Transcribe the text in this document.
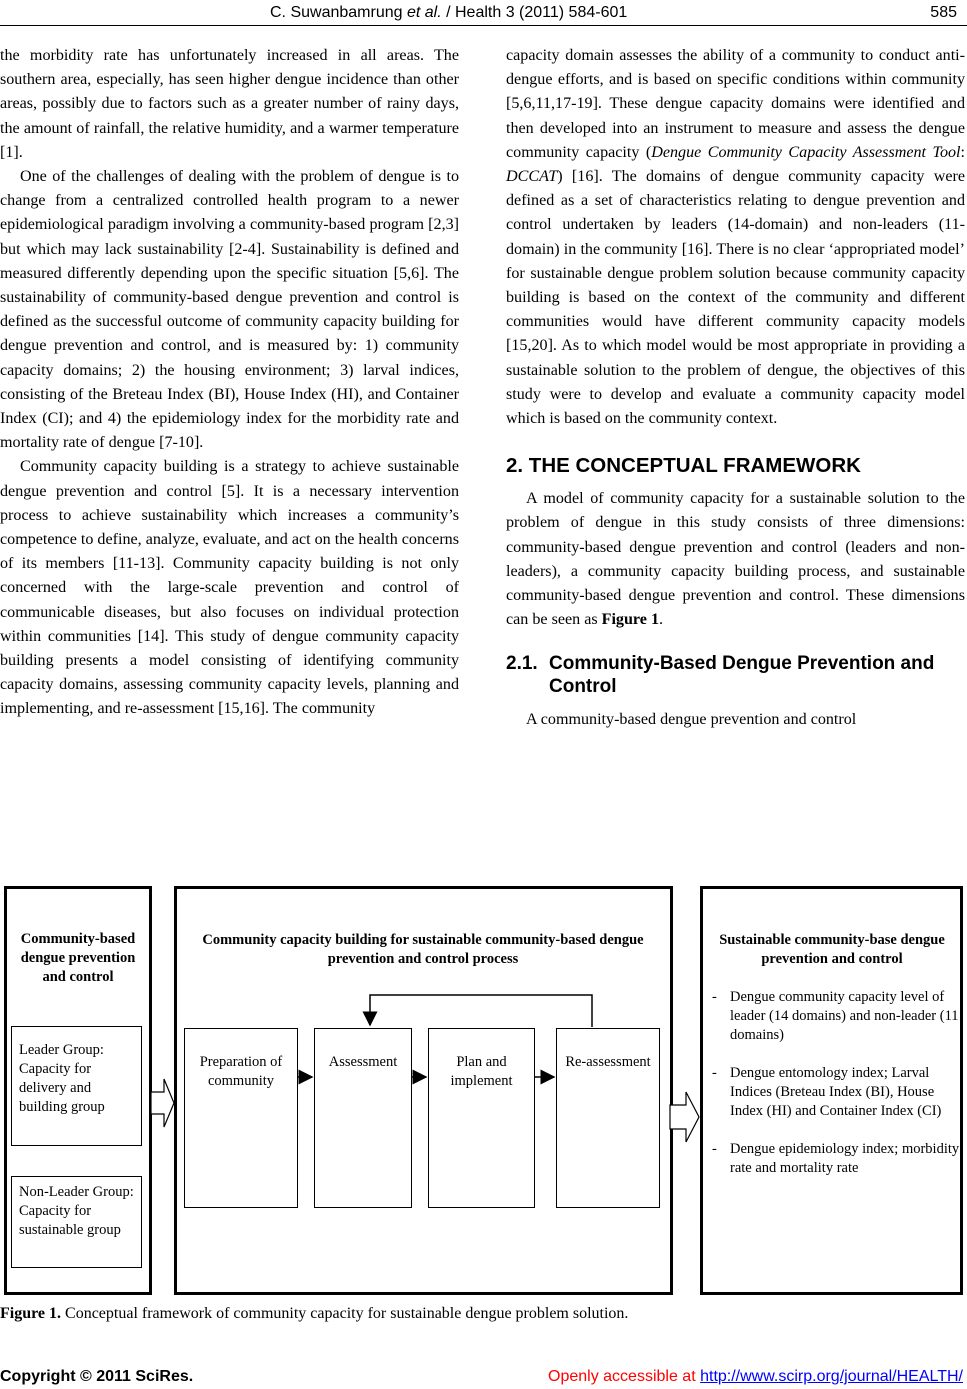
C. Suwanbamrung et al. / Health 3 (2011) 584-601	585

the morbidity rate has unfortunately increased in all areas. The southern area, especially, has seen higher dengue incidence than other areas, possibly due to factors such as a greater number of rainy days, the amount of rainfall, the relative humidity, and a warmer temperature [1].

One of the challenges of dealing with the problem of dengue is to change from a centralized controlled health program to a newer epidemiological paradigm involving a community-based program [2,3] but which may lack sustainability [2-4]. Sustainability is defined and measured differently depending upon the specific situation [5,6]. The sustainability of community-based dengue prevention and control is defined as the successful outcome of community capacity building for dengue prevention and control, and is measured by: 1) community capacity domains; 2) the housing environment; 3) larval indices, consisting of the Breteau Index (BI), House Index (HI), and Container Index (CI); and 4) the epidemiology index for the morbidity rate and mortality rate of dengue [7-10].

Community capacity building is a strategy to achieve sustainable dengue prevention and control [5]. It is a necessary intervention process to achieve sustainability which increases a community’s competence to define, analyze, evaluate, and act on the health concerns of its members [11-13]. Community capacity building is not only concerned with the large-scale prevention and control of communicable diseases, but also focuses on individual protection within communities [14]. This study of dengue community capacity building presents a model consisting of identifying community capacity domains, assessing community capacity levels, planning and implementing, and re-assessment [15,16]. The community

capacity domain assesses the ability of a community to conduct anti-dengue efforts, and is based on specific conditions within community [5,6,11,17-19]. These dengue capacity domains were identified and then developed into an instrument to measure and assess the dengue community capacity (Dengue Community Capacity Assessment Tool: DCCAT) [16]. The domains of dengue community capacity were defined as a set of characteristics relating to dengue prevention and control undertaken by leaders (14-domain) and non-leaders (11-domain) in the community [16]. There is no clear ‘appropriated model’ for sustainable dengue problem solution because community capacity building is based on the context of the community and different communities would have different community capacity models [15,20]. As to which model would be most appropriate in providing a sustainable solution to the problem of dengue, the objectives of this study were to develop and evaluate a community capacity model which is based on the community context.

2. THE CONCEPTUAL FRAMEWORK

A model of community capacity for a sustainable solution to the problem of dengue in this study consists of three dimensions: community-based dengue prevention and control (leaders and non-leaders), a community capacity building process, and sustainable community-based dengue prevention and control. These dimensions can be seen as Figure 1.

2.1. Community-Based Dengue Prevention and Control

A community-based dengue prevention and control

Community-based dengue prevention and control
Leader Group: Capacity for delivery and building group
Non-Leader Group: Capacity for sustainable group
Community capacity building for sustainable community-based dengue prevention and control process
Preparation of community
Assessment	Plan and implement
Re-assessment
Sustainable community-base dengue prevention and control
- Dengue community capacity level of leader (14 domains) and non-leader (11 domains)
- Dengue entomology index; Larval Indices (Breteau Index (BI), House Index (HI) and Container Index (CI)
- Dengue epidemiology index; morbidity rate and mortality rate
Figure 1. Conceptual framework of community capacity for sustainable dengue problem solution.
Copyright © 2011 SciRes.	Openly accessible at http://www.scirp.org/journal/HEALTH/
